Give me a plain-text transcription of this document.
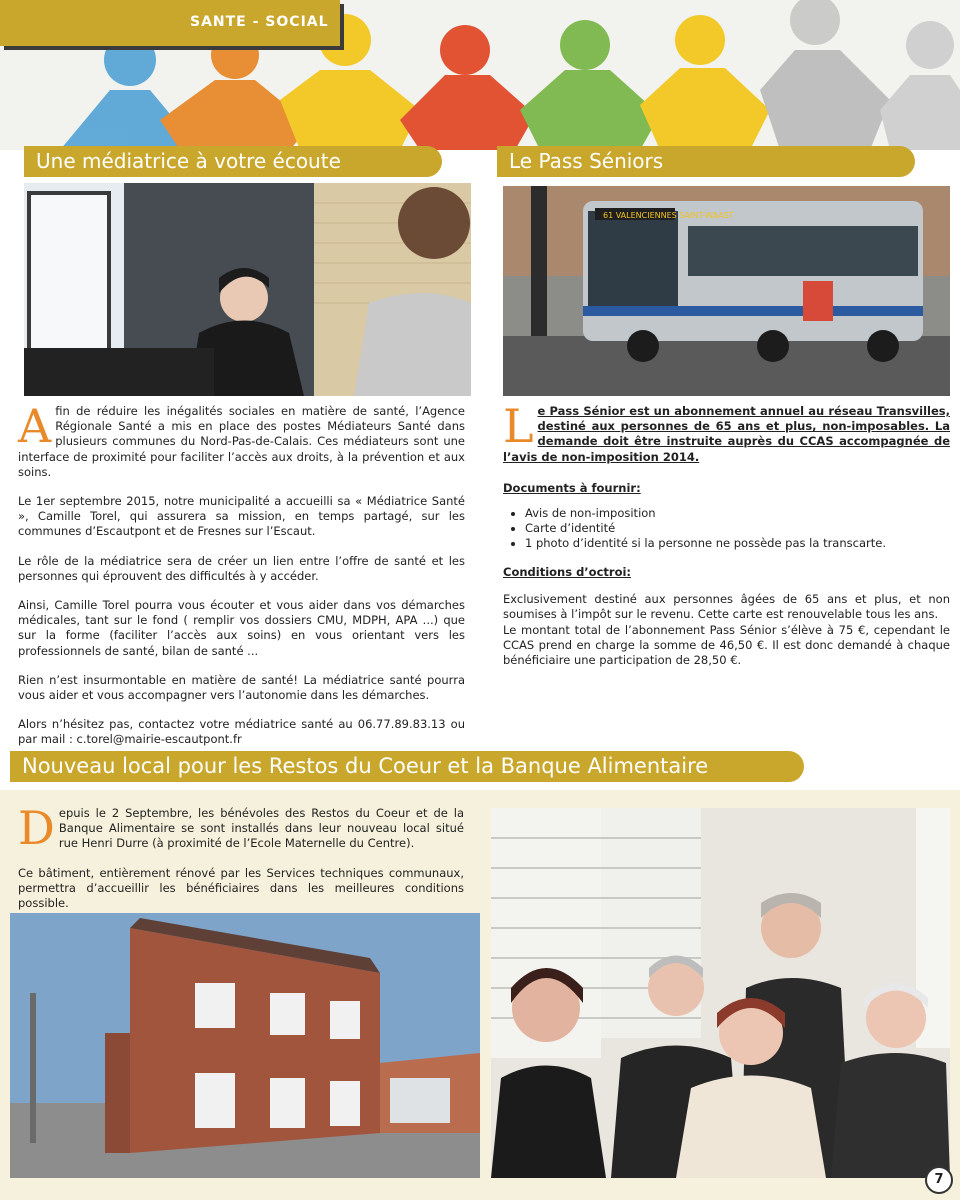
SANTE - SOCIAL
Une médiatrice à votre écoute

Afin de réduire les inégalités sociales en matière de santé, l’Agence Régionale Santé a mis en place des postes Médiateurs Santé dans plusieurs communes du Nord-Pas-de-Calais. Ces médiateurs sont une interface de proximité pour faciliter l’accès aux droits, à la prévention et aux soins.

Le 1er septembre 2015, notre municipalité a accueilli sa « Médiatrice Santé », Camille Torel, qui assurera sa mission, en temps partagé, sur les communes d’Escautpont et de Fresnes sur l’Escaut.

Le rôle de la médiatrice sera de créer un lien entre l’offre de santé et les personnes qui éprouvent des difficultés à y accéder.

Ainsi, Camille Torel pourra vous écouter et vous aider dans vos démarches médicales, tant sur le fond ( remplir vos dossiers CMU, MDPH, APA ...) que sur la forme (faciliter l’accès aux soins) en vous orientant vers les professionnels de santé, bilan de santé ...

Rien n’est insurmontable en matière de santé! La médiatrice santé pourra vous aider et vous accompagner vers l’autonomie dans les démarches.

Alors n’hésitez pas, contactez votre médiatrice santé au 06.77.89.83.13 ou par mail : c.torel@mairie-escautpont.fr

Le Pass Séniors
61 VALENCIENNES SAINT-WAAST

Le Pass Sénior est un abonnement annuel au réseau Transvilles, destiné aux personnes de 65 ans et plus, non-imposables. La demande doit être instruite auprès du CCAS accompagnée de l’avis de non-imposition 2014.

Documents à fournir:

• Avis de non-imposition
• Carte d’identité
• 1 photo d’identité si la personne ne possède pas la transcarte.

Conditions d’octroi:

Exclusivement destiné aux personnes âgées de 65 ans et plus, et non soumises à l’impôt sur le revenu. Cette carte est renouvelable tous les ans.

Le montant total de l’abonnement Pass Sénior s’élève à 75 €, cependant le CCAS prend en charge la somme de 46,50 €. Il est donc demandé à chaque bénéficiaire une participation de 28,50 €.

Nouveau local pour les Restos du Coeur et la Banque Alimentaire

Depuis le 2 Septembre, les bénévoles des Restos du Coeur et de la Banque Alimentaire se sont installés dans leur nouveau local situé rue Henri Durre (à proximité de l’Ecole Maternelle du Centre).

Ce bâtiment, entièrement rénové par les Services techniques communaux, permettra d’accueillir les bénéficiaires dans les meilleures conditions possible.

7
